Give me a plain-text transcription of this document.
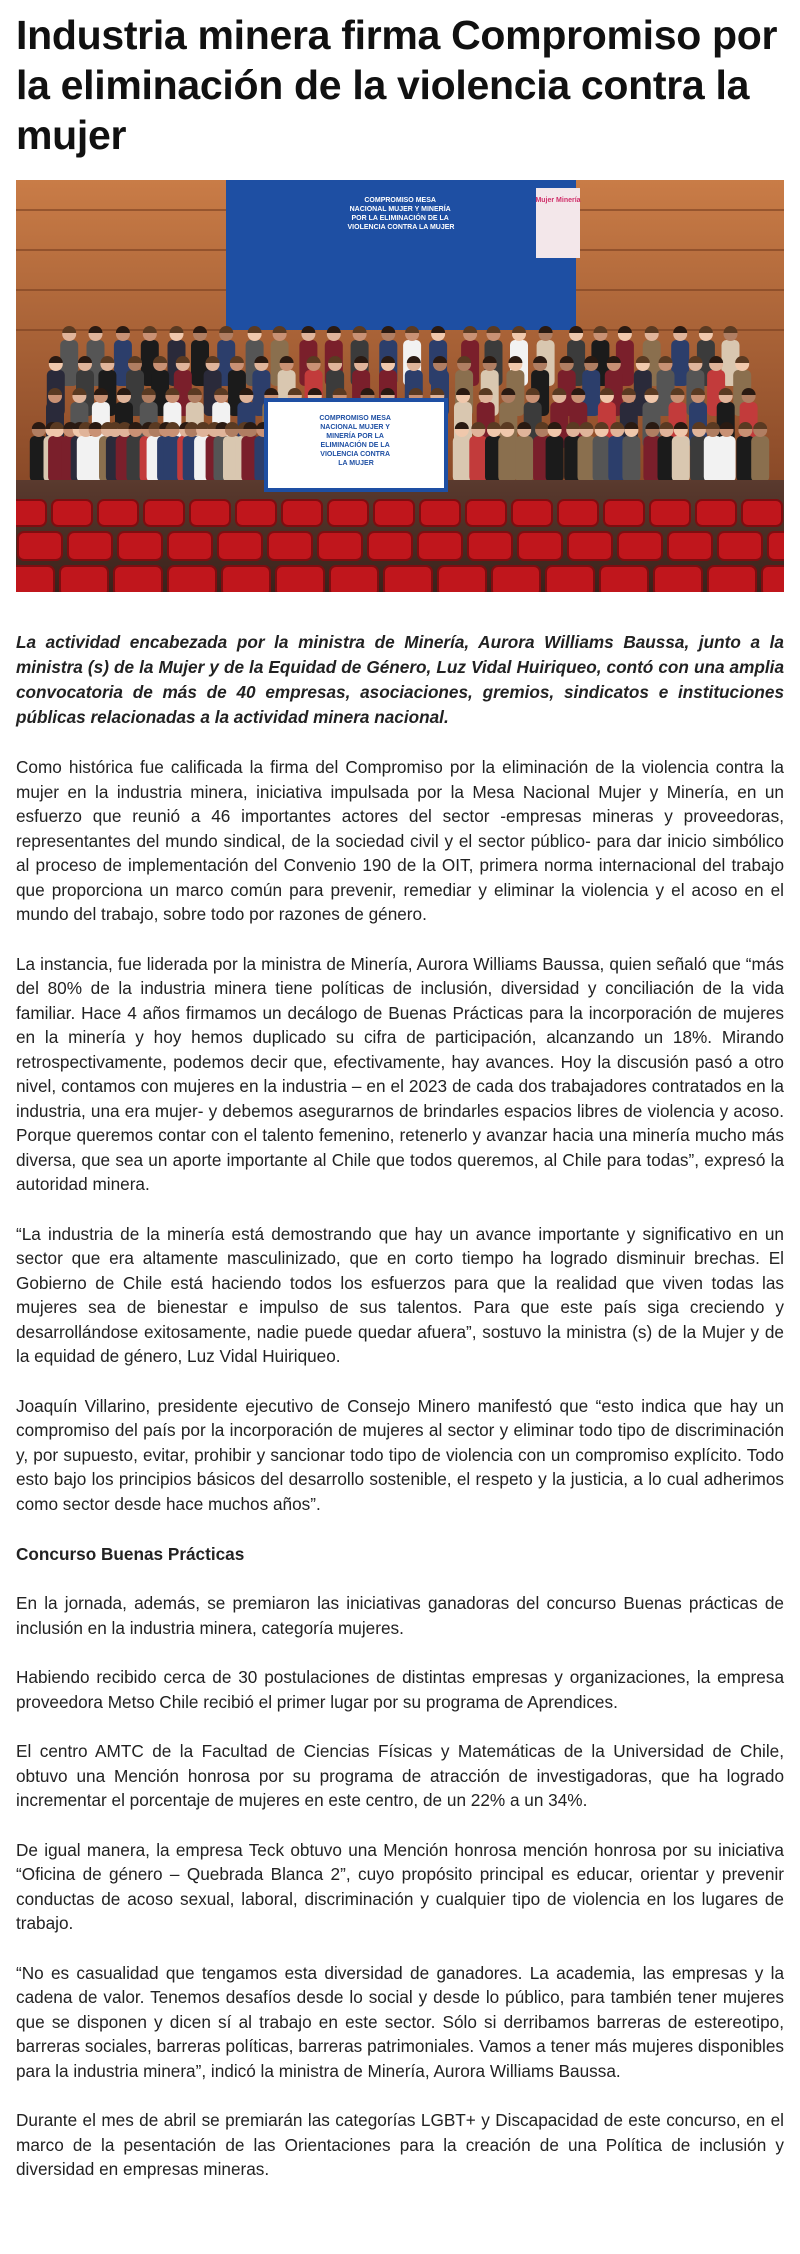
Industria minera firma Compromiso por la eliminación de la violencia contra la mujer
COMPROMISO MESA NACIONAL MUJER Y MINERÍA POR LA ELIMINACIÓN DE LA VIOLENCIA CONTRA LA MUJER
Mujer Minería
COMPROMISO MESA NACIONAL MUJER Y MINERÍA POR LA ELIMINACIÓN DE LA VIOLENCIA CONTRA LA MUJER

La actividad encabezada por la ministra de Minería, Aurora Williams Baussa, junto a la ministra (s) de la Mujer y de la Equidad de Género, Luz Vidal Huiriqueo, contó con una amplia convocatoria de más de 40 empresas, asociaciones, gremios, sindicatos e instituciones públicas relacionadas a la actividad minera nacional.

Como histórica fue calificada la firma del Compromiso por la eliminación de la violencia contra la mujer en la industria minera, iniciativa impulsada por la Mesa Nacional Mujer y Minería, en un esfuerzo que reunió a 46 importantes actores del sector -empresas mineras y proveedoras, representantes del mundo sindical, de la sociedad civil y el sector público- para dar inicio simbólico al proceso de implementación del Convenio 190 de la OIT, primera norma internacional del trabajo que proporciona un marco común para prevenir, remediar y eliminar la violencia y el acoso en el mundo del trabajo, sobre todo por razones de género.

La instancia, fue liderada por la ministra de Minería, Aurora Williams Baussa, quien señaló que “más del 80% de la industria minera tiene políticas de inclusión, diversidad y conciliación de la vida familiar. Hace 4 años firmamos un decálogo de Buenas Prácticas para la incorporación de mujeres en la minería y hoy hemos duplicado su cifra de participación, alcanzando un 18%. Mirando retrospectivamente, podemos decir que, efectivamente, hay avances. Hoy la discusión pasó a otro nivel, contamos con mujeres en la industria – en el 2023 de cada dos trabajadores contratados en la industria, una era mujer- y debemos asegurarnos de brindarles espacios libres de violencia y acoso. Porque queremos contar con el talento femenino, retenerlo y avanzar hacia una minería mucho más diversa, que sea un aporte importante al Chile que todos queremos, al Chile para todas”, expresó la autoridad minera.

“La industria de la minería está demostrando que hay un avance importante y significativo en un sector que era altamente masculinizado, que en corto tiempo ha logrado disminuir brechas. El Gobierno de Chile está haciendo todos los esfuerzos para que la realidad que viven todas las mujeres sea de bienestar e impulso de sus talentos. Para que este país siga creciendo y desarrollándose exitosamente, nadie puede quedar afuera”, sostuvo la ministra (s) de la Mujer y de la equidad de género, Luz Vidal Huiriqueo.

Joaquín Villarino, presidente ejecutivo de Consejo Minero manifestó que “esto indica que hay un compromiso del país por la incorporación de mujeres al sector y eliminar todo tipo de discriminación y, por supuesto, evitar, prohibir y sancionar todo tipo de violencia con un compromiso explícito. Todo esto bajo los principios básicos del desarrollo sostenible, el respeto y la justicia, a lo cual adherimos como sector desde hace muchos años”.

Concurso Buenas Prácticas

En la jornada, además, se premiaron las iniciativas ganadoras del concurso Buenas prácticas de inclusión en la industria minera, categoría mujeres.

Habiendo recibido cerca de 30 postulaciones de distintas empresas y organizaciones, la empresa proveedora Metso Chile recibió el primer lugar por su programa de Aprendices.

El centro AMTC de la Facultad de Ciencias Físicas y Matemáticas de la Universidad de Chile, obtuvo una Mención honrosa por su programa de atracción de investigadoras, que ha logrado incrementar el porcentaje de mujeres en este centro, de un 22% a un 34%.

De igual manera, la empresa Teck obtuvo una Mención honrosa mención honrosa por su iniciativa “Oficina de género – Quebrada Blanca 2”, cuyo propósito principal es educar, orientar y prevenir conductas de acoso sexual, laboral, discriminación y cualquier tipo de violencia en los lugares de trabajo.

“No es casualidad que tengamos esta diversidad de ganadores. La academia, las empresas y la cadena de valor. Tenemos desafíos desde lo social y desde lo público, para también tener mujeres que se disponen y dicen sí al trabajo en este sector. Sólo si derribamos barreras de estereotipo, barreras sociales, barreras políticas, barreras patrimoniales. Vamos a tener más mujeres disponibles para la industria minera”, indicó la ministra de Minería, Aurora Williams Baussa.

Durante el mes de abril se premiarán las categorías LGBT+ y Discapacidad de este concurso, en el marco de la pesentación de las Orientaciones para la creación de una Política de inclusión y diversidad en empresas mineras.
